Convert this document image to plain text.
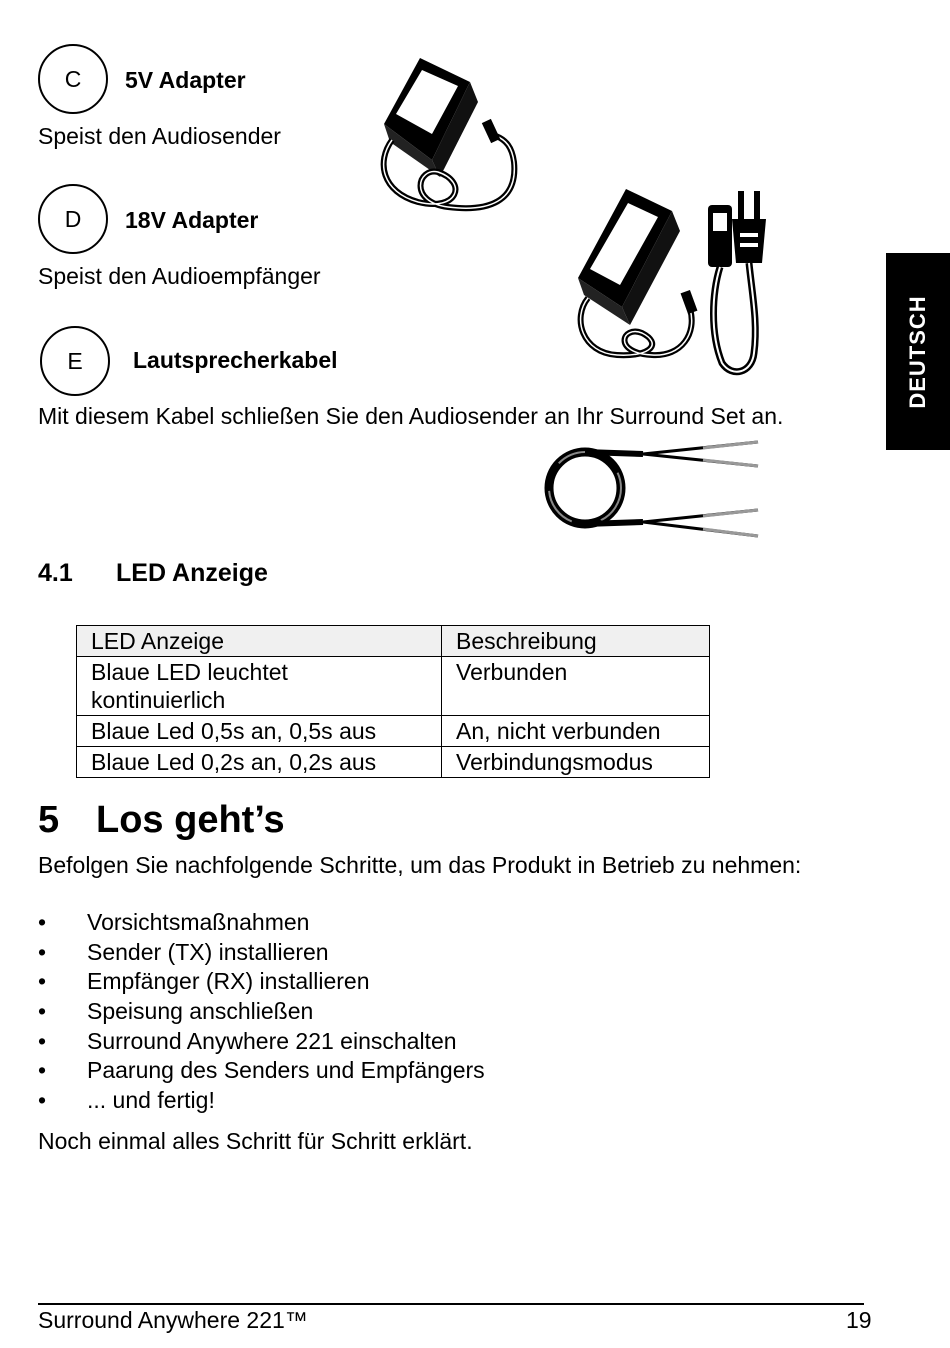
C 5V Adapter
Speist den Audiosender
D 18V Adapter
Speist den Audioempfänger
E Lautsprecherkabel
Mit diesem Kabel schließen Sie den Audiosender an Ihr Surround Set an.
DEUTSCH
4.1 LED Anzeige
LED Anzeige	Beschreibung
Blaue LED leuchtet kontinuierlich	Verbunden
Blaue Led 0,5s an, 0,5s aus	An, nicht verbunden
Blaue Led 0,2s an, 0,2s aus	Verbindungsmodus
5 Los geht’s
Befolgen Sie nachfolgende Schritte, um das Produkt in Betrieb zu nehmen:
•	Vorsichtsmaßnahmen
•	Sender (TX) installieren
•	Empfänger (RX) installieren
•	Speisung anschließen
•	Surround Anywhere 221 einschalten
•	Paarung des Senders und Empfängers
•	... und fertig!
Noch einmal alles Schritt für Schritt erklärt.
Surround Anywhere 221™	19
